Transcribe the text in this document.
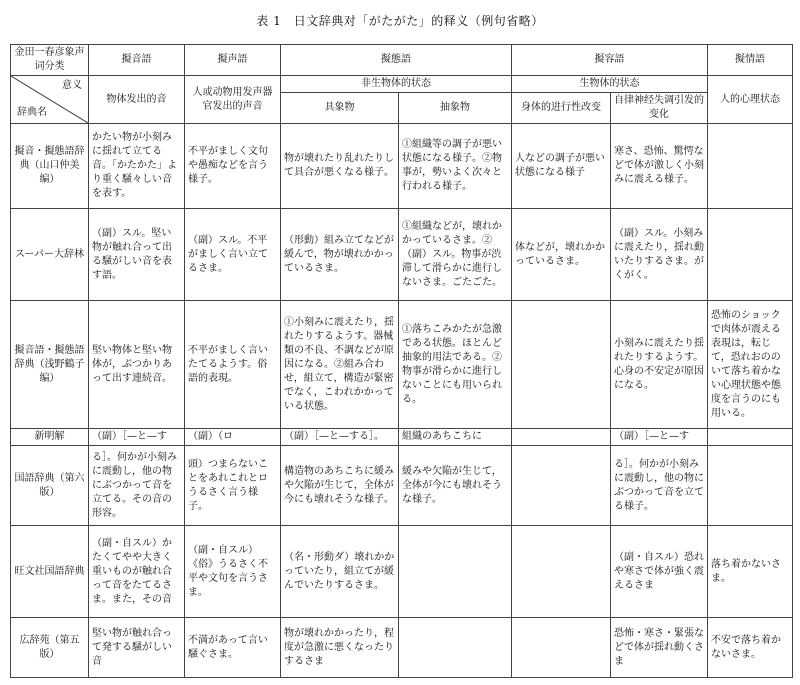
表 1　日文辞典对「がたがた」的释义（例句省略）
金田一春彦象声词分类	擬音語	擬声語	擬態語		擬容語		擬情語

意义
辞典名	物体发出的音	人或动物用发声器官发出的声音	非生物体的状态		生物体的状态		人的心理状态
			具象物	抽象物	身体的进行性改变	自律神经失调引发的变化	
擬音・擬態語辞典（山口仲美编）	かたい物が小刻みに揺れて立てる音。「かたかた」より重く騒々しい音を表す。	不平がましく文句や愚痴などを言う様子。	物が壊れたり乱れたりして具合が悪くなる様子。	①組織等の調子が悪い状態になる様子。②物事が，勢いよく次々と行われる様子。	人などの調子が悪い状態になる様子	寒さ、恐怖、驚愕などで体が激しく小刻みに震える様子。	
スーパー大辞林	（副）スル。堅い物が触れ合って出る騒がしい音を表す語。	（副）スル。不平がましく言い立てるさま。	（形動）組み立てなどが緩んで，物が壊れかかっているさま。	①組織などが，壊れかかっているさま。②（副）スル。物事が渋滞して滑らかに進行しないさま。ごたごた。	体などが，壊れかかっているさま。	（副）スル。小刻みに震えたり，揺れ動いたりするさま。がくがく。	
擬音語・擬態語辞典（浅野鶴子编）	堅い物体と堅い物体が，ぶつかりあって出す連続音。	不平がましく言いたてるようす。俗語的表現。	①小刻みに震えたり，揺れたりするようす。器械類の不良、不調などが原因になる。②組み合わせ，組立て，構造が緊密でなく，こわれかかっている状態。	①落ちこみかたが急激である状態。ほとんど抽象的用法である。②物事が滑らかに進行しないことにも用いられる。		小刻みに震えたり揺れたりするようす。心身の不安定が原因になる。	恐怖のショックで肉体が震える表現は，転じて，恐れおののいて落ち着かない心理状態や態度を言うのにも用いる。
新明解	（副）［—と—す	（副）（ロ	（副）［—と—する］。	組織のあちこちに		（副）［—と—す	
国語辞典（第六版）	る］。何かが小刻みに震動し，他の物にぶつかって音を立てる。その音の形容。	頭）つまらないことをあれこれとロうるさく言う様子。	構造物のあちこちに緩みや欠陥が生じて，全体が今にも壊れそうな様子。	緩みや欠陥が生じて，全体が今にも壊れそうな様子。		る］。何かが小刻みに震動し，他の物にぶつかって音を立てる様子。	
旺文社国語辞典	（副・自スル）かたくてやや大きく重いものが触れ合って音をたてるさま。また，その音	（副・自スル）《俗》うるさく不平や文句を言うさま。	（名・形動ダ）壊れかかっていたり，組立てが緩んでいたりするさま。			（副・自スル）恐れや寒さで体が強く震えるさま	落ち着かないさま。
広辞苑（第五版）	堅い物が触れ合って発する騒がしい音	不満があって言い騒ぐさま。	物が壊れかかったり，程度が急激に悪くなったりするさま			恐怖・寒さ・緊張などで体が揺れ動くさま	不安で落ち着かないさま。
